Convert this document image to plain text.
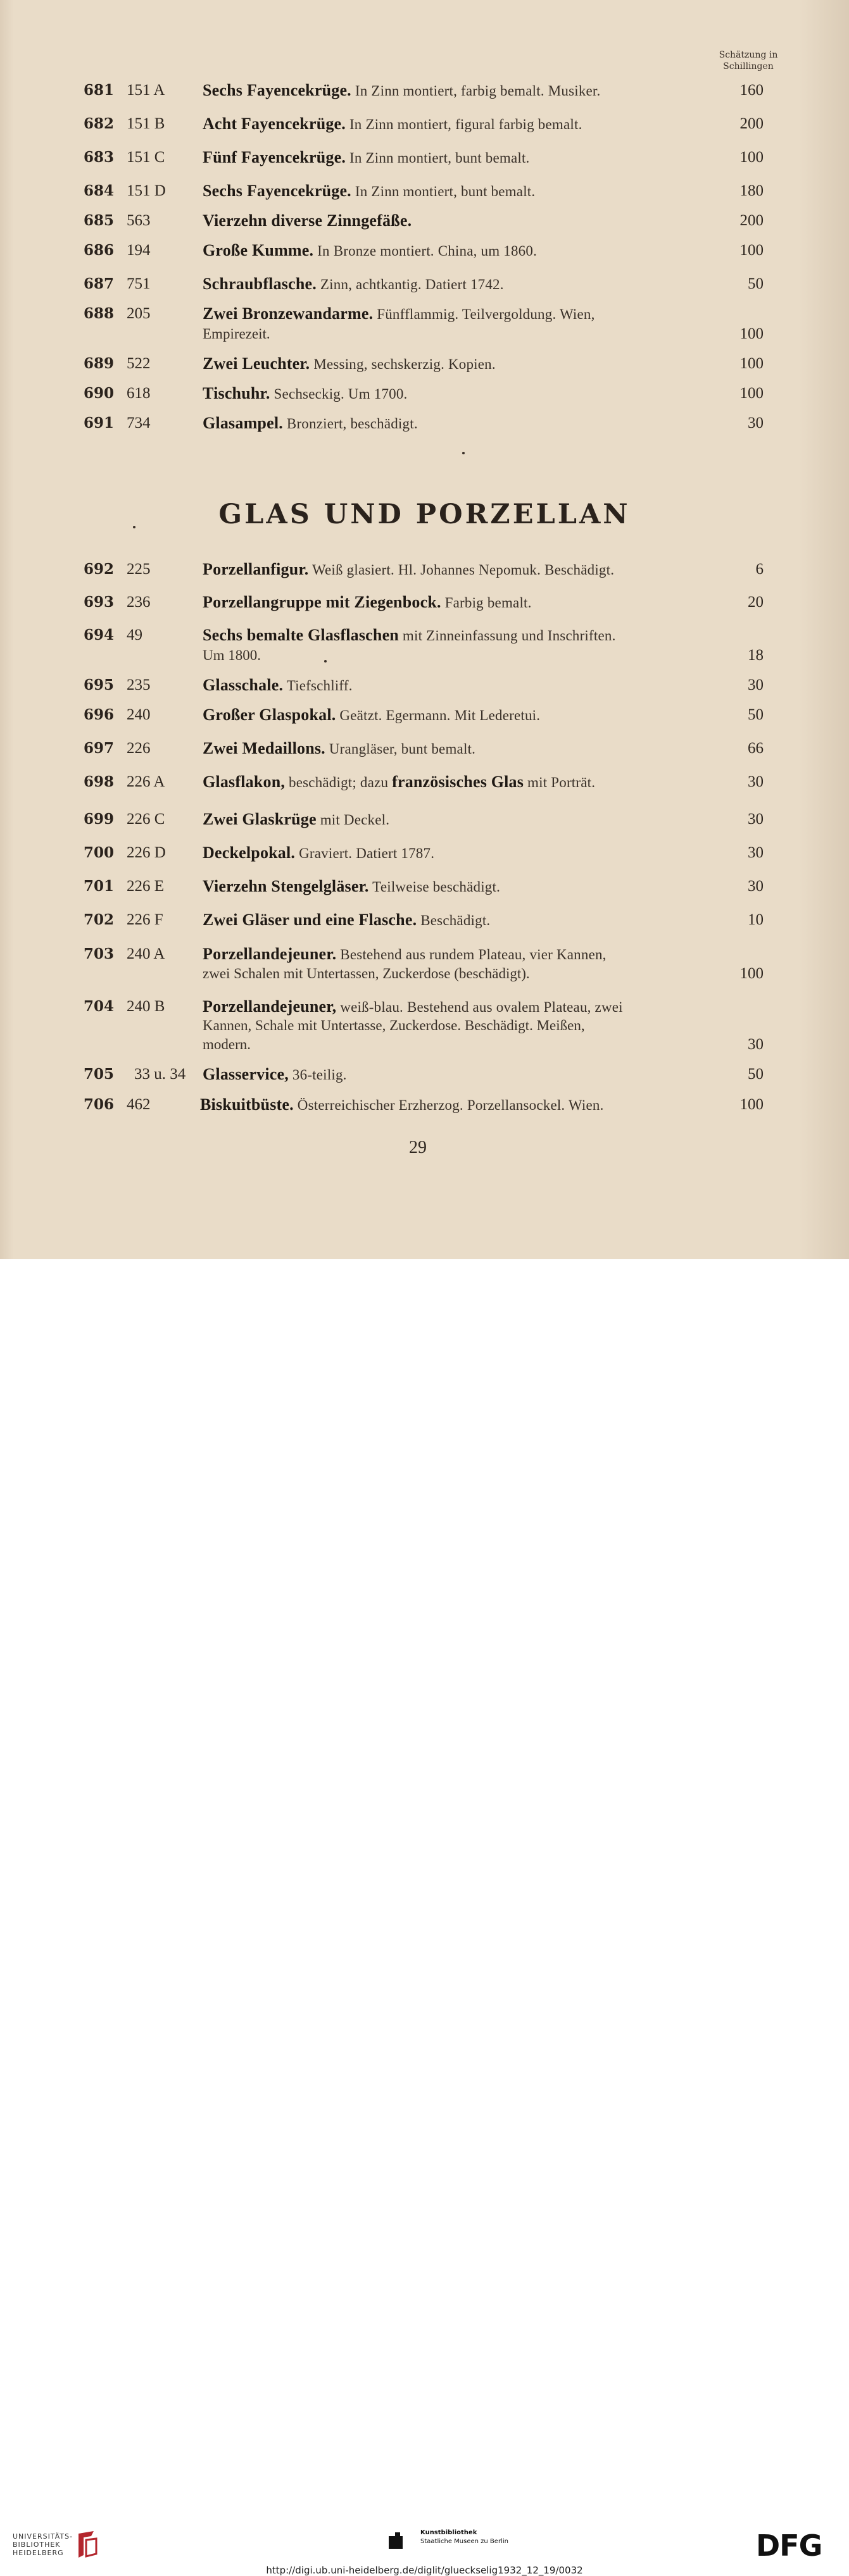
Schätzung in
Schillingen
681 151 A	Sechs Fayencekrüge. In Zinn montiert, farbig bemalt. Musiker.	160
682 151 B	Acht Fayencekrüge. In Zinn montiert, figural farbig bemalt.	200
683 151 C	Fünf Fayencekrüge. In Zinn montiert, bunt bemalt.	100
684 151 D	Sechs Fayencekrüge. In Zinn montiert, bunt bemalt.	180
685 563	Vierzehn diverse Zinngefäße.	200
686 194	Große Kumme. In Bronze montiert. China, um 1860.	100
687 751	Schraubflasche. Zinn, achtkantig. Datiert 1742.	50
688 205	Zwei Bronzewandarme. Fünfflammig. Teilvergoldung. Wien,
Empirezeit.	100
689 522	Zwei Leuchter. Messing, sechskerzig. Kopien.	100
690 618	Tischuhr. Sechseckig. Um 1700.	100
691 734	Glasampel. Bronziert, beschädigt.	30
GLAS UND PORZELLAN
692 225	Porzellanfigur. Weiß glasiert. Hl. Johannes Nepomuk. Beschädigt.	6
693 236	Porzellangruppe mit Ziegenbock. Farbig bemalt.	20
694 49	Sechs bemalte Glasflaschen mit Zinneinfassung und Inschriften.
Um 1800.	18
695 235	Glasschale. Tiefschliff.	30
696 240	Großer Glaspokal. Geätzt. Egermann. Mit Lederetui.	50
697 226	Zwei Medaillons. Urangläser, bunt bemalt.	66
698 226 A	Glasflakon, beschädigt; dazu französisches Glas mit Porträt.	30
699 226 C	Zwei Glaskrüge mit Deckel.	30
700 226 D	Deckelpokal. Graviert. Datiert 1787.	30
701 226 E	Vierzehn Stengelgläser. Teilweise beschädigt.	30
702 226 F	Zwei Gläser und eine Flasche. Beschädigt.	10
703 240 A	Porzellandejeuner. Bestehend aus rundem Plateau, vier Kannen,
zwei Schalen mit Untertassen, Zuckerdose (beschädigt).	100
704 240 B	Porzellandejeuner, weiß-blau. Bestehend aus ovalem Plateau, zwei
Kannen, Schale mit Untertasse, Zuckerdose. Beschädigt. Meißen,
modern.	30
705 33 u. 34	Glasservice, 36-teilig.	50
706 462	Biskuitbüste. Österreichischer Erzherzog. Porzellansockel. Wien.	100
29
UNIVERSITÄTS-
BIBLIOTHEK
HEIDELBERG
Kunstbibliothek
Staatliche Museen zu Berlin	DFG
http://digi.ub.uni-heidelberg.de/diglit/glueckselig1932_12_19/0032
